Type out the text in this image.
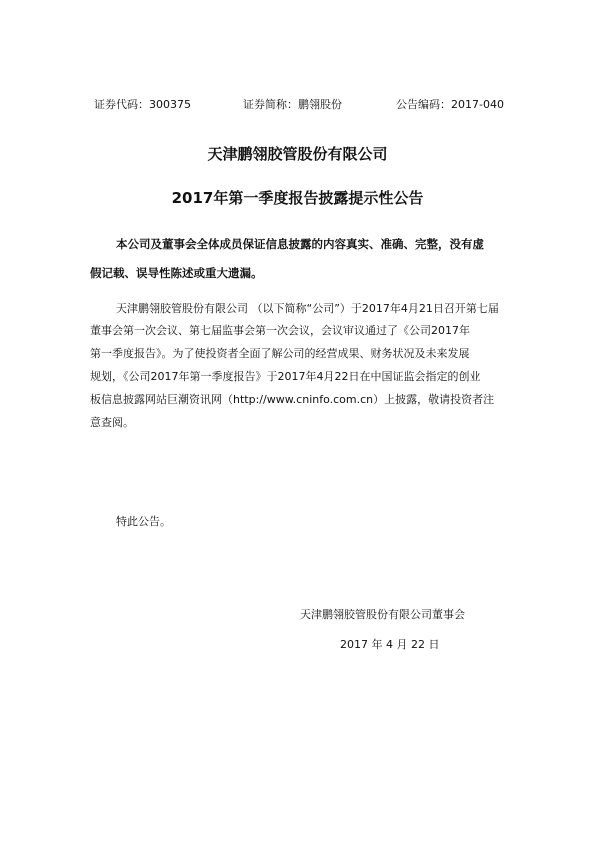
证券代码：300375	证券简称：鹏翎股份	公告编码：2017-040
天津鹏翎胶管股份有限公司
2017年第一季度报告披露提示性公告
本公司及董事会全体成员保证信息披露的内容真实、准确、完整，没有虚
假记载、误导性陈述或重大遗漏。
天津鹏翎胶管股份有限公司 （以下简称“公司”）于2017年4月21日召开第七届
董事会第一次会议、第七届监事会第一次会议，会议审议通过了《公司2017年
第一季度报告》。为了使投资者全面了解公司的经营成果、财务状况及未来发展
规划，《公司2017年第一季度报告》于2017年4月22日在中国证监会指定的创业
板信息披露网站巨潮资讯网（http://www.cninfo.com.cn）上披露，敬请投资者注
意查阅。
特此公告。
天津鹏翎胶管股份有限公司董事会
2017 年 4 月 22 日
